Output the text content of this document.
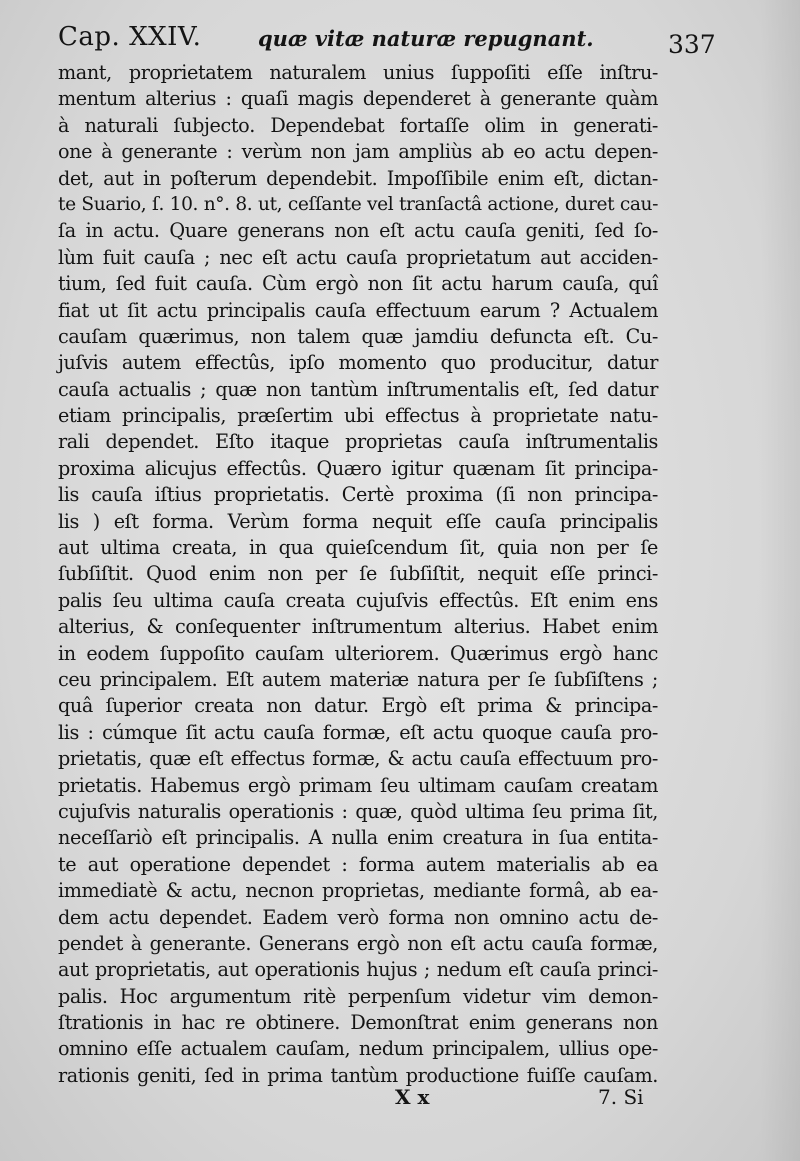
Cap. XXIV.	quæ vitæ naturæ repugnant.	337
mant, proprietatem naturalem unius ſuppoſiti eſſe inſtru-
mentum alterius : quaſi magis dependeret à generante quàm
à naturali ſubjectο. Dependebat fortaſſe olim in generati-
one à generante : verùm non jam ampliùs ab eo actu depen-
det, aut in poſterum dependebit. Impoſſibile enim eſt, dictan-
te Suario, ſ. 10. n°. 8. ut, ceſſante vel tranſactâ actione, duret cau-
ſa in actu. Quare generans non eſt actu cauſa geniti, ſed ſo-
lùm fuit cauſa ; nec eſt actu cauſa proprietatum aut acciden-
tium, ſed fuit cauſa. Cùm ergò non ſit actu harum cauſa, quî
fiat ut ſit actu principalis cauſa effectuum earum ? Actualem
cauſam quærimus, non talem quæ jamdiu defuncta eſt. Cu-
juſvis autem effectûs, ipſo momento quo producitur, datur
cauſa actualis ; quæ non tantùm inſtrumentalis eſt, ſed datur
etiam principalis, præſertim ubi effectus à proprietate natu-
rali dependet. Eſto itaque proprietas cauſa inſtrumentalis
proxima alicujus effectûs. Quæro igitur quænam ſit principa-
lis cauſa iſtius proprietatis. Certè proxima (ſi non principa-
lis ) eſt forma. Verùm forma nequit eſſe cauſa principalis
aut ultima creata, in qua quieſcendum ſit, quia non per ſe
ſubſiſtit. Quod enim non per ſe ſubſiſtit, nequit eſſe princi-
palis ſeu ultima cauſa creata cujuſvis effectûs. Eſt enim ens
alterius, & conſequenter inſtrumentum alterius. Habet enim
in eodem ſuppoſito cauſam ulteriorem. Quærimus ergò hanc
ceu principalem. Eſt autem materiæ natura per ſe ſubſiſtens ;
quâ ſuperior creata non datur. Ergò eſt prima & principa-
lis : cúmque ſit actu cauſa formæ, eſt actu quoque cauſa pro-
prietatis, quæ eſt effectus formæ, & actu cauſa effectuum pro-
prietatis. Habemus ergò primam ſeu ultimam cauſam creatam
cujuſvis naturalis operationis : quæ, quòd ultima ſeu prima ſit,
neceſſariò eſt principalis. A nulla enim creatura in ſua entita-
te aut operatione dependet : forma autem materialis ab ea
immediatè & actu, necnon proprietas, mediante formâ, ab ea-
dem actu dependet. Eadem verò forma non omnino actu de-
pendet à generante. Generans ergò non eſt actu cauſa formæ,
aut proprietatis, aut operationis hujus ; nedum eſt cauſa princi-
palis. Hoc argumentum ritè perpenſum videtur vim demon-
ſtrationis in hac re obtinere. Demonſtrat enim generans non
omnino eſſe actualem cauſam, nedum principalem, ullius ope-
rationis geniti, ſed in prima tantùm productione fuiſſe cauſam.
X x	7. Si
